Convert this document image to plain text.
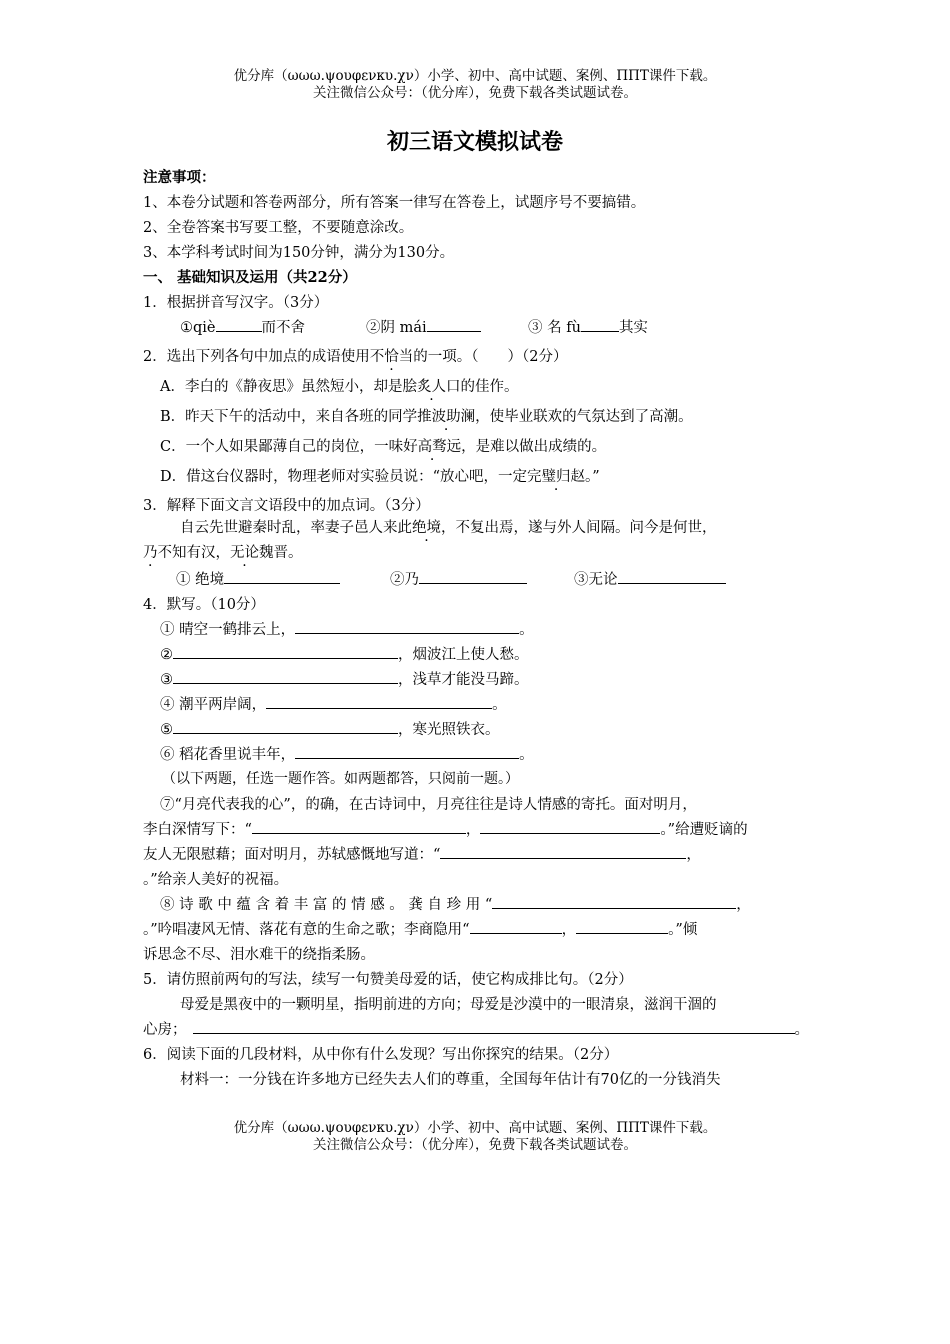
优分库（ωωω.ψουφενκυ.χν）小学、初中、高中试题、案例、ΠΠΤ课件下载。
关注微信公众号：（优分库），免费下载各类试题试卷。
初三语文模拟试卷
注意事项：
1、本卷分试题和答卷两部分，所有答案一律写在答卷上，试题序号不要搞错。
2、全卷答案书写要工整，不要随意涂改。
3、本学科考试时间为150分钟，满分为130分。
一、 基础知识及运用（共22分）
1．根据拼音写汉字。（3分）
①qiè	而不舍	②阴 mái	③ 名 fù	其实
2．选出下列各句中加点的成语使用不恰当的一项。（　　）（2分）
A．李白的《静夜思》虽然短小，却是脍炙人口的佳作。
B．昨天下午的活动中，来自各班的同学推波助澜，使毕业联欢的气氛达到了高潮。
C．一个人如果鄙薄自己的岗位，一味好高骛远，是难以做出成绩的。
D．借这台仪器时，物理老师对实验员说：“放心吧，一定完璧归赵。”
3．解释下面文言文语段中的加点词。（3分）
自云先世避秦时乱，率妻子邑人来此绝境，不复出焉，遂与外人间隔。问今是何世，
乃不知有汉，无论魏晋。
① 绝境	②乃	③无论
4．默写。（10分）
① 晴空一鹤排云上，	。
②	，烟波江上使人愁。
③	，浅草才能没马蹄。
④ 潮平两岸阔，	。
⑤	，寒光照铁衣。
⑥ 稻花香里说丰年，	。
（以下两题，任选一题作答。如两题都答，只阅前一题。）
⑦“月亮代表我的心”，的确，在古诗词中，月亮往往是诗人情感的寄托。面对明月，
李白深情写下：“	，	。”给遭贬谪的
友人无限慰藉；面对明月，苏轼感慨地写道：“	，
。”给亲人美好的祝福。
⑧ 诗 歌 中 蕴 含 着 丰 富 的 情 感 。 龚 自 珍 用 “	，
。”吟唱凄风无情、落花有意的生命之歌；李商隐用“	，	。”倾
诉思念不尽、泪水难干的绕指柔肠。
5．请仿照前两句的写法，续写一句赞美母爱的话，使它构成排比句。（2分）
母爱是黑夜中的一颗明星，指明前进的方向；母爱是沙漠中的一眼清泉，滋润干涸的
心房；	。
6．阅读下面的几段材料，从中你有什么发现？写出你探究的结果。（2分）
材料一：一分钱在许多地方已经失去人们的尊重，全国每年估计有70亿的一分钱消失
优分库（ωωω.ψουφενκυ.χν）小学、初中、高中试题、案例、ΠΠΤ课件下载。
关注微信公众号：（优分库），免费下载各类试题试卷。
